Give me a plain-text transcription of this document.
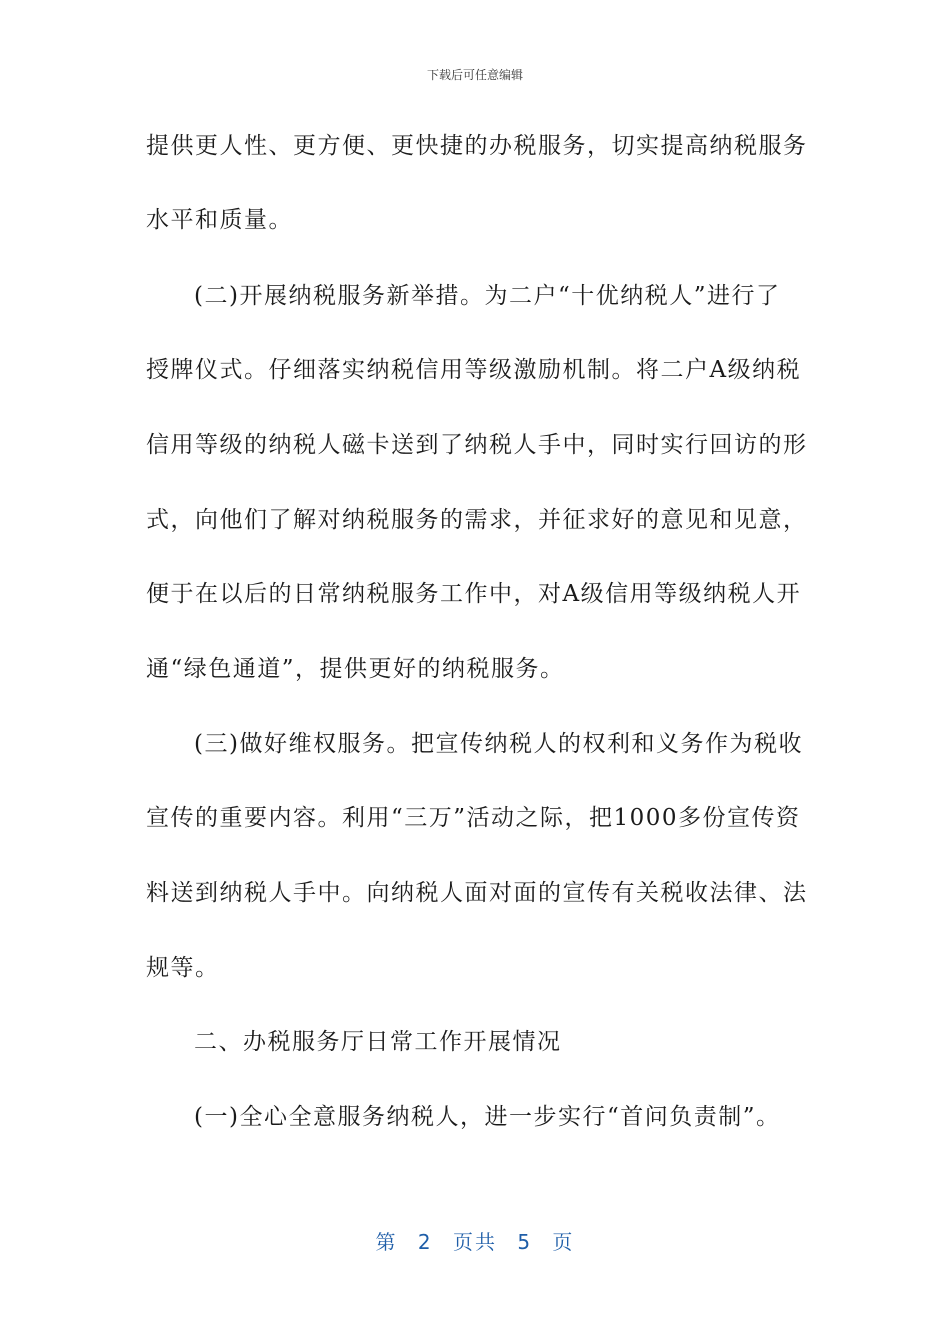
下载后可任意编辑
提供更人性、更方便、更快捷的办税服务，切实提高纳税服务
水平和质量。
(二)开展纳税服务新举措。为二户“十优纳税人”进行了
授牌仪式。仔细落实纳税信用等级激励机制。将二户A级纳税
信用等级的纳税人磁卡送到了纳税人手中，同时实行回访的形
式，向他们了解对纳税服务的需求，并征求好的意见和见意，
便于在以后的日常纳税服务工作中，对A级信用等级纳税人开
通“绿色通道”，提供更好的纳税服务。
(三)做好维权服务。把宣传纳税人的权利和义务作为税收
宣传的重要内容。利用“三万”活动之际，把1000多份宣传资
料送到纳税人手中。向纳税人面对面的宣传有关税收法律、法
规等。
二、办税服务厅日常工作开展情况
(一)全心全意服务纳税人，进一步实行“首问负责制”。
第 2 页共 5 页
